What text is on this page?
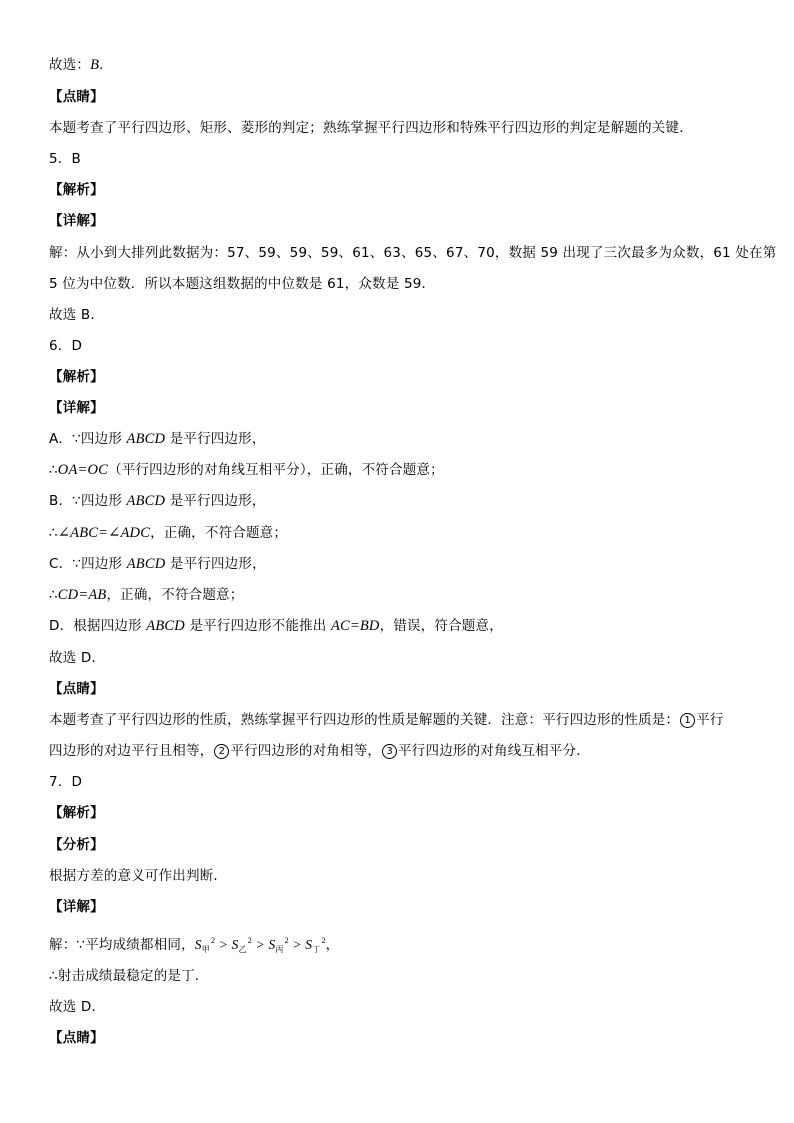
故选：B．
【点睛】
本题考查了平行四边形、矩形、菱形的判定；熟练掌握平行四边形和特殊平行四边形的判定是解题的关键．
5．B
【解析】
【详解】
解：从小到大排列此数据为：57、59、59、59、61、63、65、67、70，数据 59 出现了三次最多为众数，61 处在第
5 位为中位数．所以本题这组数据的中位数是 61，众数是 59．
故选 B．
6．D
【解析】
【详解】
A．∵四边形 ABCD 是平行四边形，
∴OA=OC（平行四边形的对角线互相平分），正确，不符合题意；
B．∵四边形 ABCD 是平行四边形，
∴∠ABC=∠ADC，正确，不符合题意；
C．∵四边形 ABCD 是平行四边形，
∴CD=AB，正确，不符合题意；
D．根据四边形 ABCD 是平行四边形不能推出 AC=BD，错误，符合题意，
故选 D．
【点睛】
本题考查了平行四边形的性质，熟练掌握平行四边形的性质是解题的关键．注意：平行四边形的性质是： 1 平行
四边形的对边平行且相等， 2 平行四边形的对角相等， 3 平行四边形的对角线互相平分．
7．D
【解析】
【分析】
根据方差的意义可作出判断．
【详解】
解：∵平均成绩都相同，$S_甲^2 > S_乙^2 > S_丙^2 > S_丁^2$，
∴射击成绩最稳定的是丁．
故选 D．
【点睛】
